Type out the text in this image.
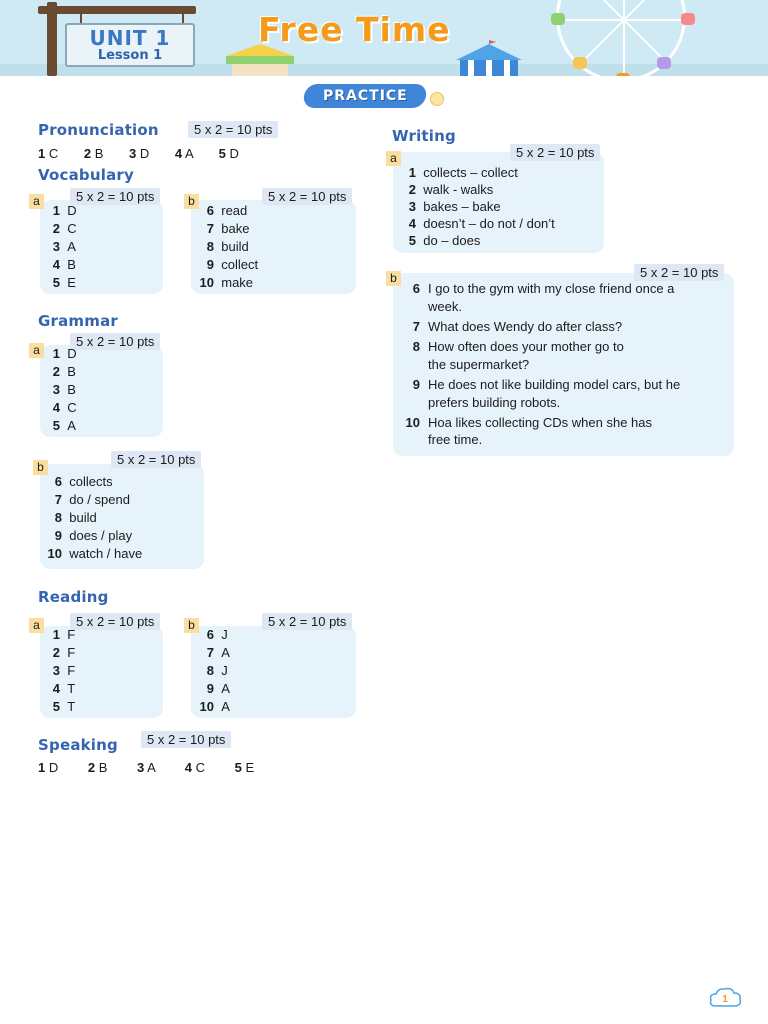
UNIT 1
Lesson 1
Free Time
PRACTICE
Pronunciation	5 x 2 = 10 pts
1 C 2 B 3 D 4 A 5 D
Vocabulary
a	5 x 2 = 10 pts
1 D
2 C
3 A
4 B
5 E
b	5 x 2 = 10 pts
6 read
7 bake
8 build
9 collect
10 make
Grammar
a
5 x 2 = 10 pts
1 D
2 B
3 B
4 C
5 A
b	5 x 2 = 10 pts
6 collects
7 do / spend
8 build
9 does / play
10 watch / have
Reading
a	5 x 2 = 10 pts
1 F
2 F
3 F
4 T
5 T
b	5 x 2 = 10 pts
6 J
7 A
8 J
9 A
10 A
Speaking	5 x 2 = 10 pts
1 D 2 B 3 A 4 C 5 E
Writing
a	5 x 2 = 10 pts
1 collects – collect
2 walk - walks
3 bakes – bake
4 doesn’t – do not / don’t
5 do – does
b	5 x 2 = 10 pts
6 I go to the gym with my close friend once a
week.
7 What does Wendy do after class?
8 How often does your mother go to
the supermarket?
9 He does not like building model cars, but he
prefers building robots.
10 Hoa likes collecting CDs when she has
free time.
1
